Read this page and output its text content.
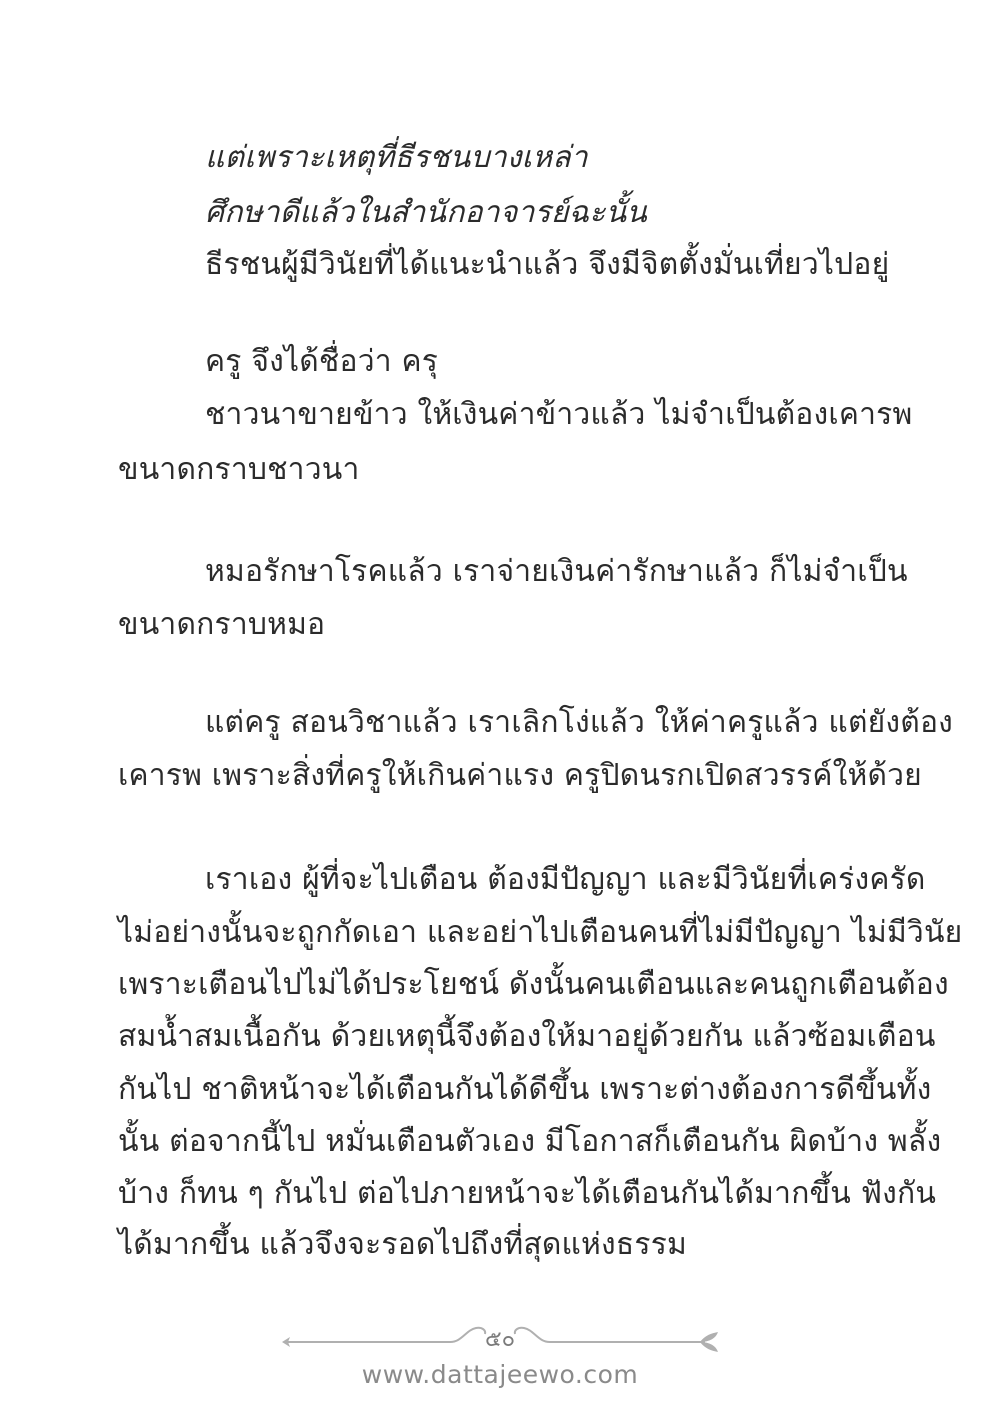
แต่เพราะเหตุที่ธีรชนบางเหล่า
ศึกษาดีแล้วในสำนักอาจารย์ฉะนั้น
ธีรชนผู้มีวินัยที่ได้แนะนำแล้ว จึงมีจิตตั้งมั่นเที่ยวไปอยู่
ครู จึงได้ชื่อว่า ครุ
ชาวนาขายข้าว ให้เงินค่าข้าวแล้ว ไม่จำเป็นต้องเคารพ
ขนาดกราบชาวนา
หมอรักษาโรคแล้ว เราจ่ายเงินค่ารักษาแล้ว ก็ไม่จำเป็น
ขนาดกราบหมอ
แต่ครู สอนวิชาแล้ว เราเลิกโง่แล้ว ให้ค่าครูแล้ว แต่ยังต้อง
เคารพ เพราะสิ่งที่ครูให้เกินค่าแรง ครูปิดนรกเปิดสวรรค์ให้ด้วย
เราเอง ผู้ที่จะไปเตือน ต้องมีปัญญา และมีวินัยที่เคร่งครัด
ไม่อย่างนั้นจะถูกกัดเอา และอย่าไปเตือนคนที่ไม่มีปัญญา ไม่มีวินัย
เพราะเตือนไปไม่ได้ประโยชน์ ดังนั้นคนเตือนและคนถูกเตือนต้อง
สมน้ำสมเนื้อกัน ด้วยเหตุนี้จึงต้องให้มาอยู่ด้วยกัน แล้วซ้อมเตือน
กันไป ชาติหน้าจะได้เตือนกันได้ดีขึ้น เพราะต่างต้องการดีขึ้นทั้ง
นั้น ต่อจากนี้ไป หมั่นเตือนตัวเอง มีโอกาสก็เตือนกัน ผิดบ้าง พลั้ง
บ้าง ก็ทน ๆ กันไป ต่อไปภายหน้าจะได้เตือนกันได้มากขึ้น ฟังกัน
ได้มากขึ้น แล้วจึงจะรอดไปถึงที่สุดแห่งธรรม
๕๐
www.dattajeewo.com
